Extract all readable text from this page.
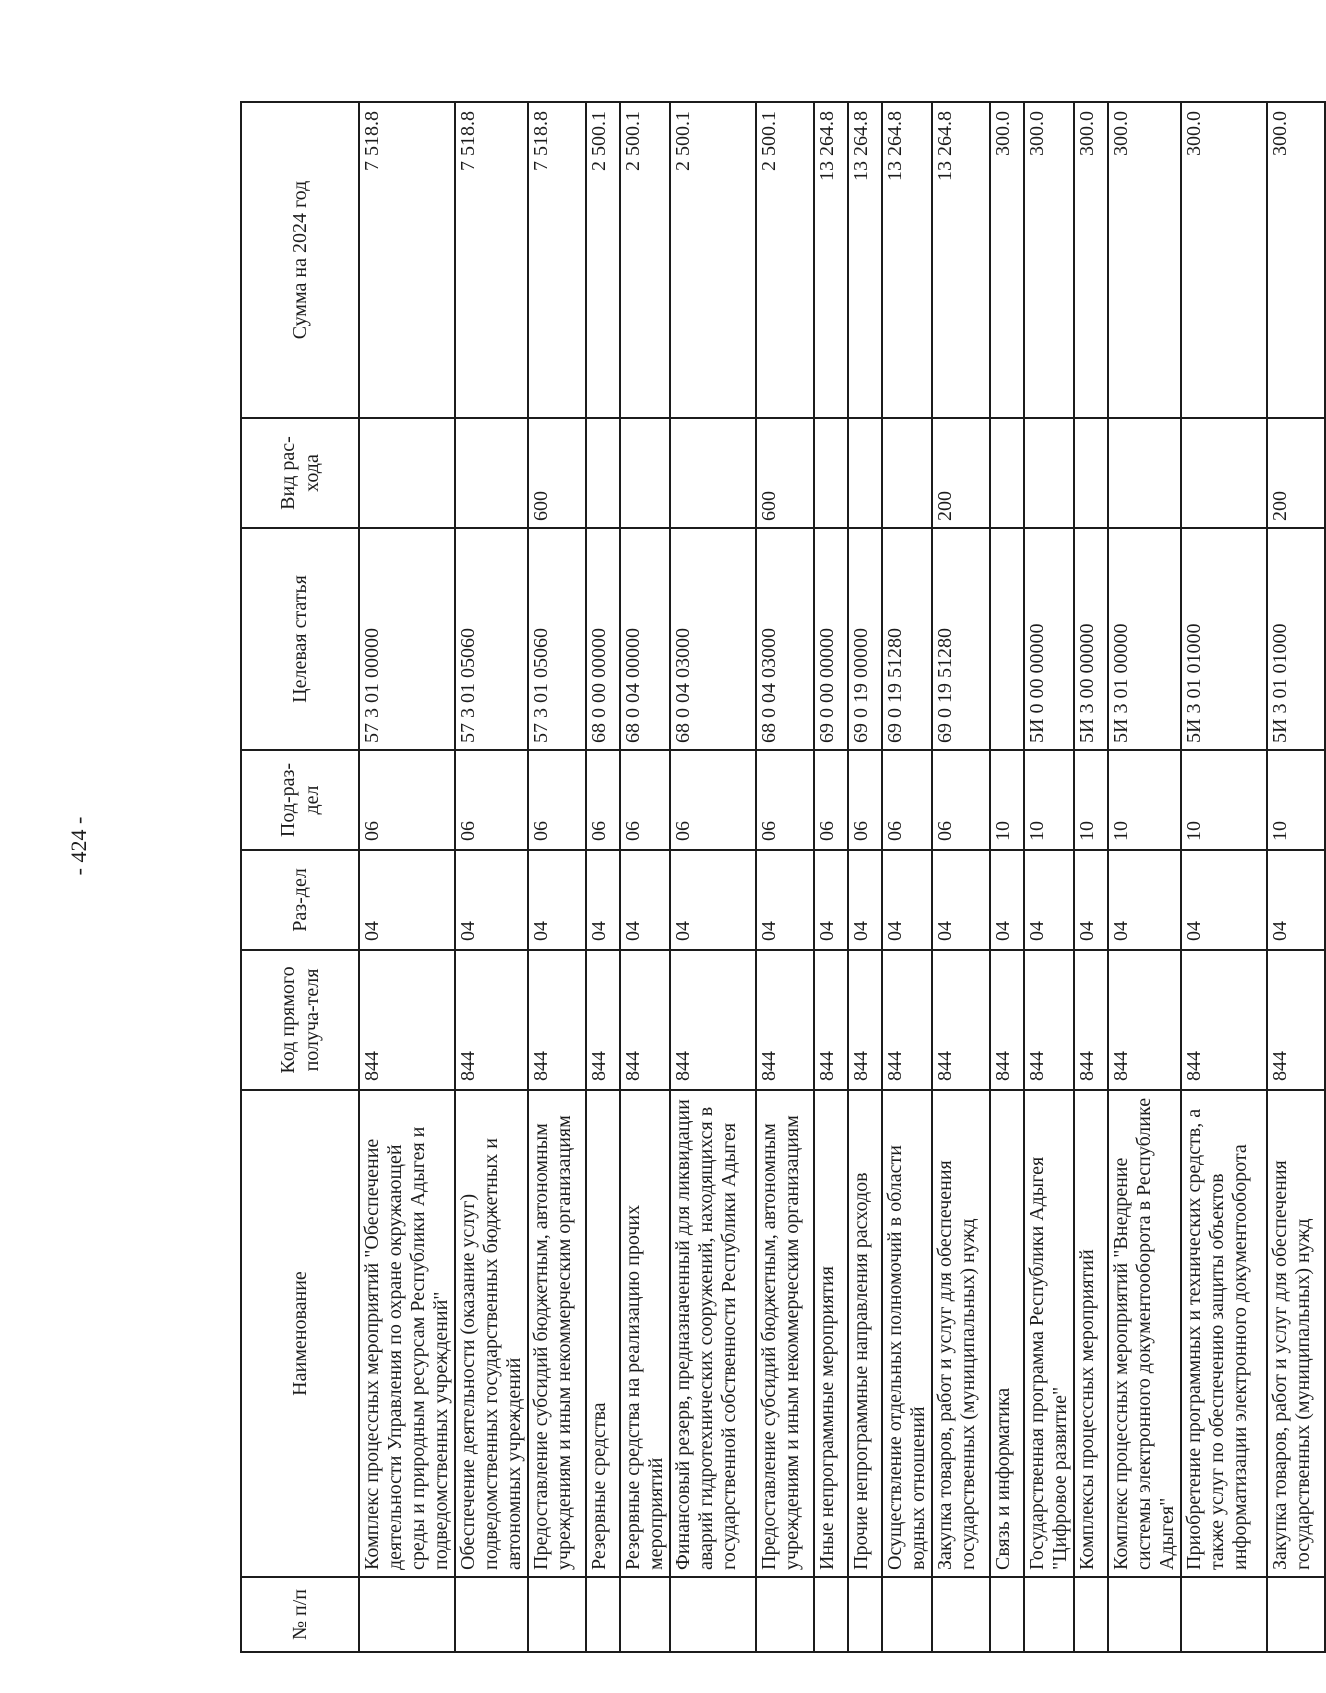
- 424 -
№ п/п	Наименование	Код прямого получа-теля	Раз-дел	Под-раз-дел	Целевая статья	Вид рас-хода	Сумма на 2024 год
	Комплекс процессных мероприятий "Обеспечение деятельности Управления по охране окружающей среды и природным ресурсам Республики Адыгея и подведомственных учреждений"	844	04	06	57 3 01 00000		7 518.8
	Обеспечение деятельности (оказание услуг) подведомственных государственных бюджетных и автономных учреждений	844	04	06	57 3 01 05060		7 518.8
	Предоставление субсидий бюджетным, автономным учреждениям и иным некоммерческим организациям	844	04	06	57 3 01 05060	600	7 518.8
	Резервные средства	844	04	06	68 0 00 00000		2 500.1
	Резервные средства на реализацию прочих мероприятий	844	04	06	68 0 04 00000		2 500.1
	Финансовый резерв, предназначенный для ликвидации аварий гидротехнических сооружений, находящихся в государственной собственности Республики Адыгея	844	04	06	68 0 04 03000		2 500.1
	Предоставление субсидий бюджетным, автономным учреждениям и иным некоммерческим организациям	844	04	06	68 0 04 03000	600	2 500.1
	Иные непрограммные мероприятия	844	04	06	69 0 00 00000		13 264.8
	Прочие непрограммные направления расходов	844	04	06	69 0 19 00000		13 264.8
	Осуществление отдельных полномочий в области водных отношений	844	04	06	69 0 19 51280		13 264.8
	Закупка товаров, работ и услуг для обеспечения государственных (муниципальных) нужд	844	04	06	69 0 19 51280	200	13 264.8
	Связь и информатика	844	04	10			300.0
	Государственная программа Республики Адыгея "Цифровое развитие"	844	04	10	5И 0 00 00000		300.0
	Комплексы процессных мероприятий	844	04	10	5И 3 00 00000		300.0
	Комплекс процессных мероприятий "Внедрение системы электронного документооборота в Республике Адыгея"	844	04	10	5И 3 01 00000		300.0
	Приобретение программных и технических средств, а также услуг по обеспечению защиты объектов информатизации электронного документооборота	844	04	10	5И 3 01 01000		300.0
	Закупка товаров, работ и услуг для обеспечения государственных (муниципальных) нужд	844	04	10	5И 3 01 01000	200	300.0
